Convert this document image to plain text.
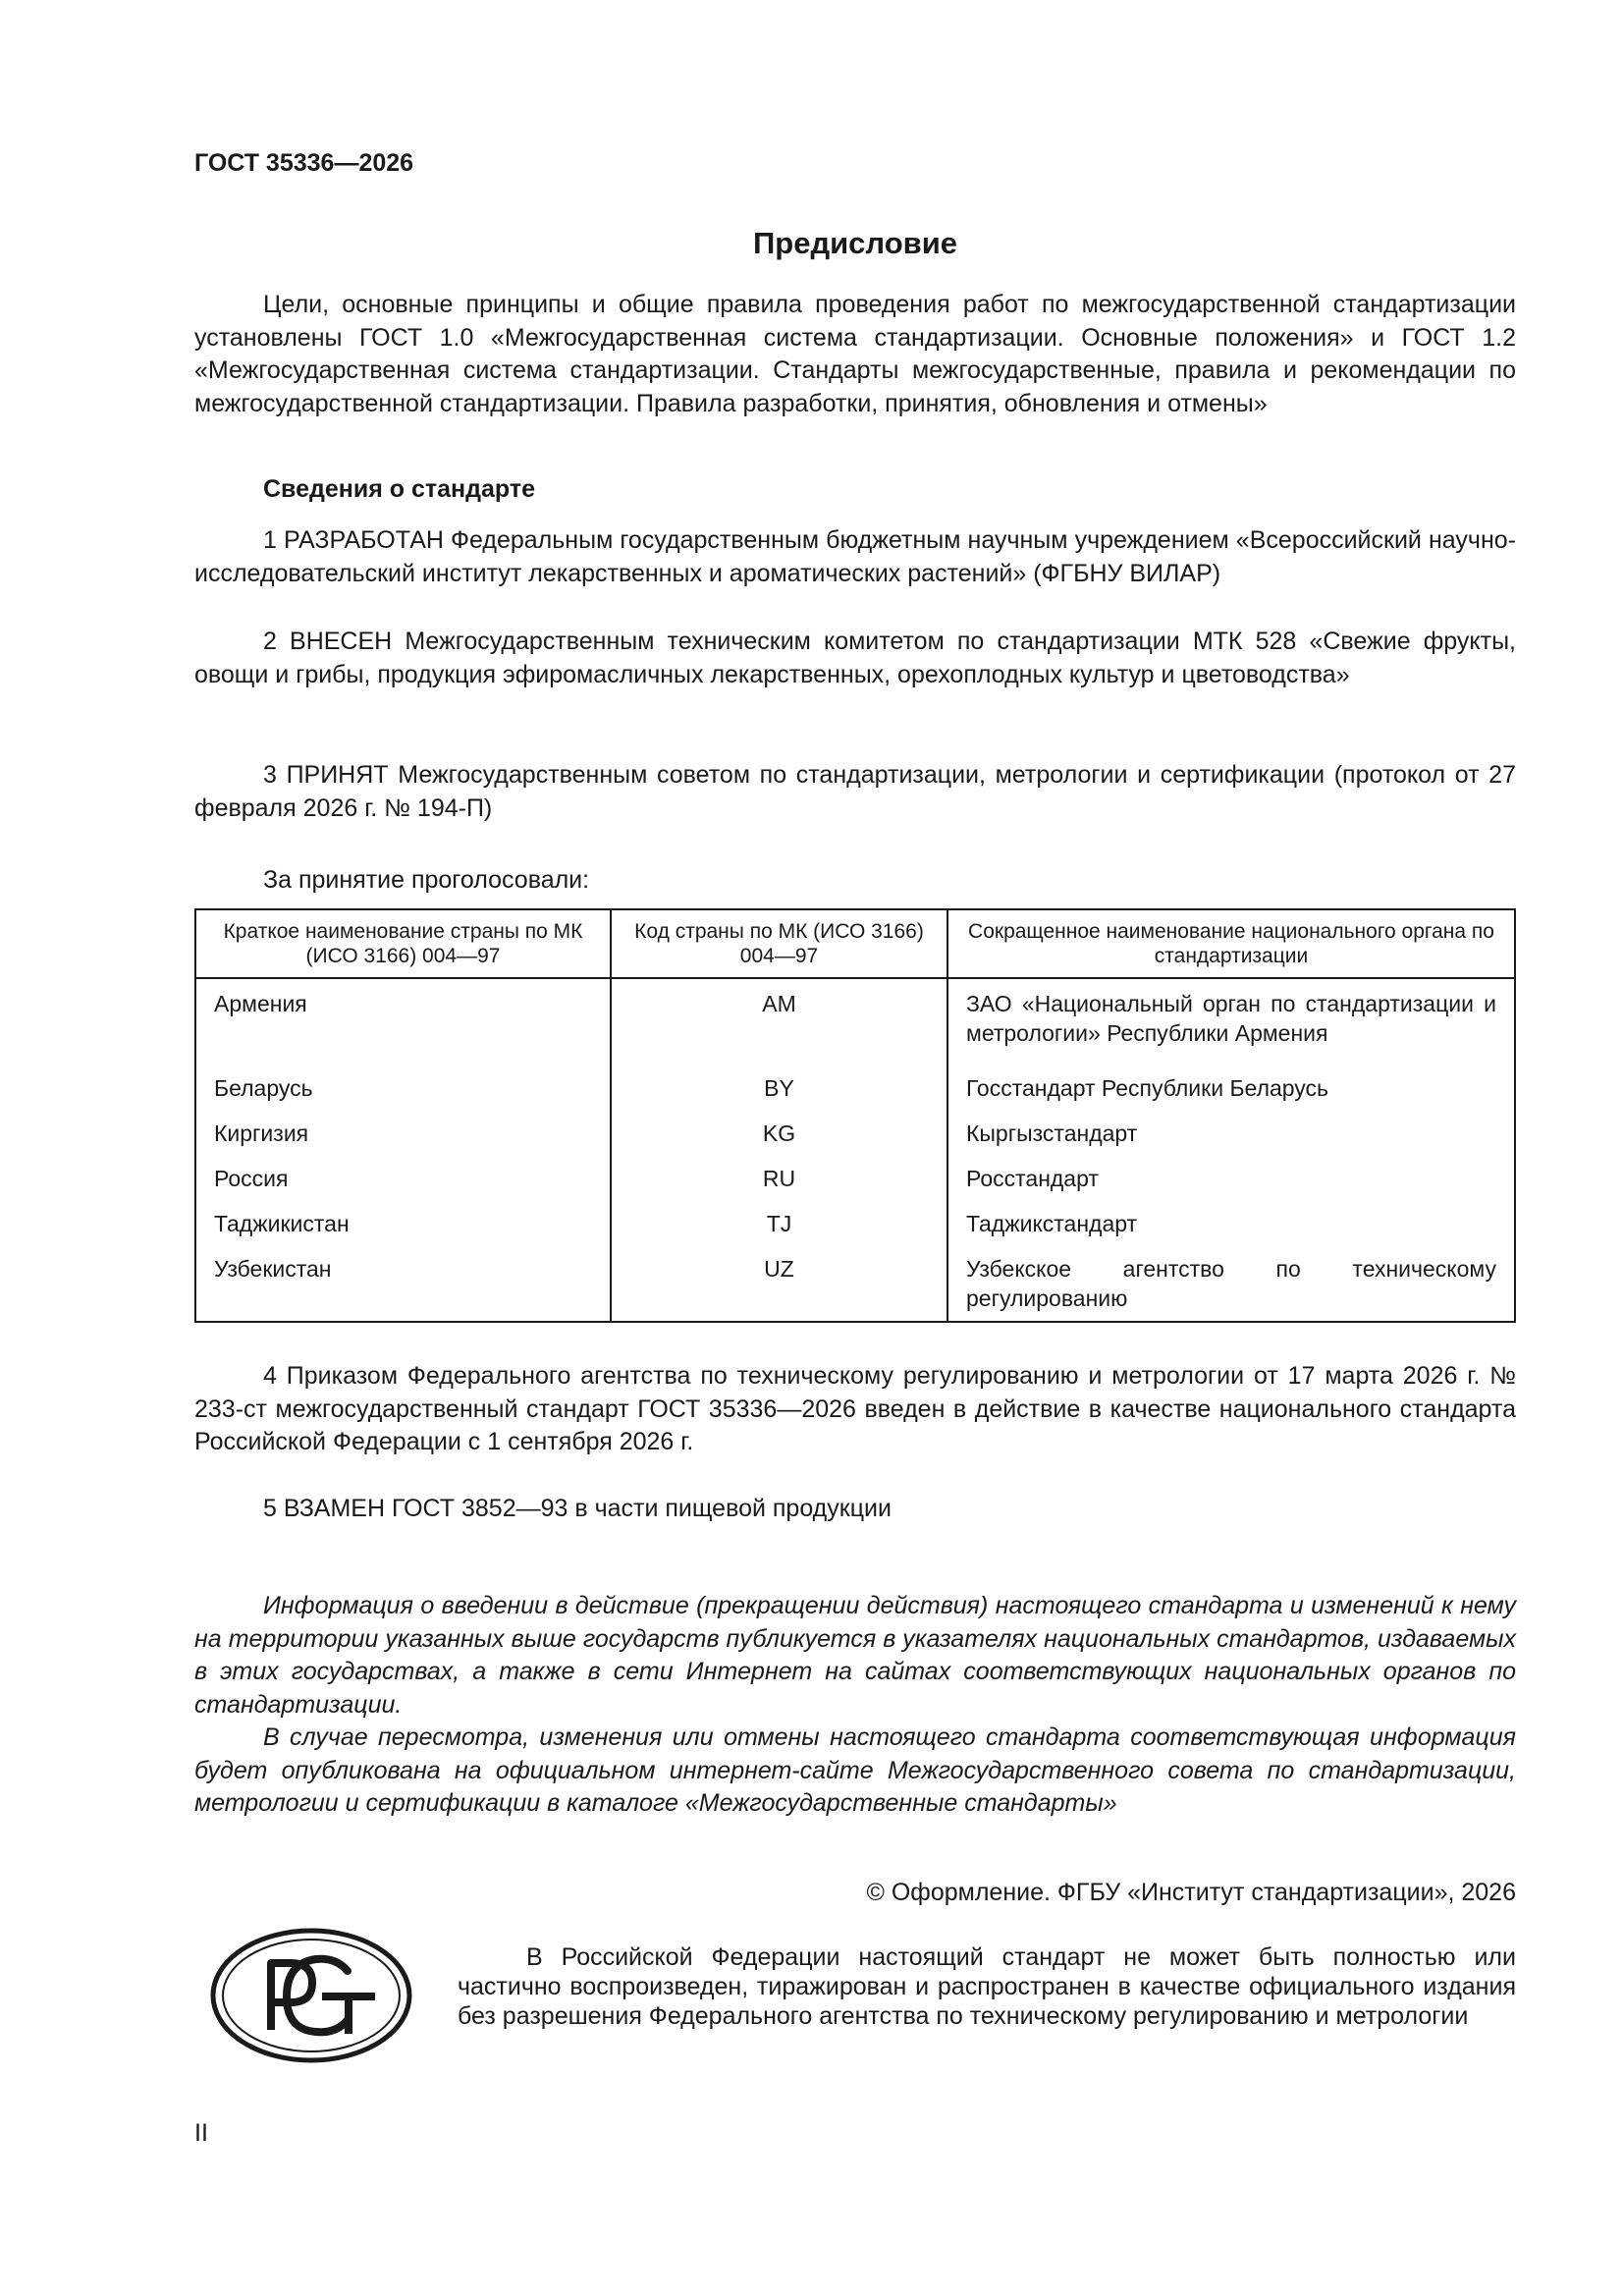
ГОСТ 35336—2026
Предисловие

Цели, основные принципы и общие правила проведения работ по межгосударственной стандартизации установлены ГОСТ 1.0 «Межгосударственная система стандартизации. Основные положения» и ГОСТ 1.2 «Межгосударственная система стандартизации. Стандарты межгосударственные, правила и рекомендации по межгосударственной стандартизации. Правила разработки, принятия, обновления и отмены»

Сведения о стандарте

1 РАЗРАБОТАН Федеральным государственным бюджетным научным учреждением «Всероссийский научно-исследовательский институт лекарственных и ароматических растений» (ФГБНУ ВИЛАР)

2 ВНЕСЕН Межгосударственным техническим комитетом по стандартизации МТК 528 «Свежие фрукты, овощи и грибы, продукция эфиромасличных лекарственных, орехоплодных культур и цветоводства»

3 ПРИНЯТ Межгосударственным советом по стандартизации, метрологии и сертификации (протокол от 27 февраля 2026 г. № 194-П)

За принятие проголосовали:

Краткое наименование страны по МК (ИСО 3166) 004—97	Код страны по МК (ИСО 3166) 004—97	Сокращенное наименование национального органа по стандартизации
Армения	AM	ЗАО «Национальный орган по стандартизации и метрологии» Республики Армения
Беларусь	BY	Госстандарт Республики Беларусь
Киргизия	KG	Кыргызстандарт
Россия	RU	Росстандарт
Таджикистан	TJ	Таджикстандарт
Узбекистан	UZ	Узбекское агентство по техническому регулированию

4 Приказом Федерального агентства по техническому регулированию и метрологии от 17 марта 2026 г. № 233-ст межгосударственный стандарт ГОСТ 35336—2026 введен в действие в качестве национального стандарта Российской Федерации с 1 сентября 2026 г.

5 ВЗАМЕН ГОСТ 3852—93 в части пищевой продукции

Информация о введении в действие (прекращении действия) настоящего стандарта и изменений к нему на территории указанных выше государств публикуется в указателях национальных стандартов, издаваемых в этих государствах, а также в сети Интернет на сайтах соответствующих национальных органов по стандартизации.

В случае пересмотра, изменения или отмены настоящего стандарта соответствующая информация будет опубликована на официальном интернет-сайте Межгосударственного совета по стандартизации, метрологии и сертификации в каталоге «Межгосударственные стандарты»

© Оформление. ФГБУ «Институт стандартизации», 2026

В Российской Федерации настоящий стандарт не может быть полностью или частично воспроизведен, тиражирован и распространен в качестве официального издания без разрешения Федерального агентства по техническому регулированию и метрологии

II
